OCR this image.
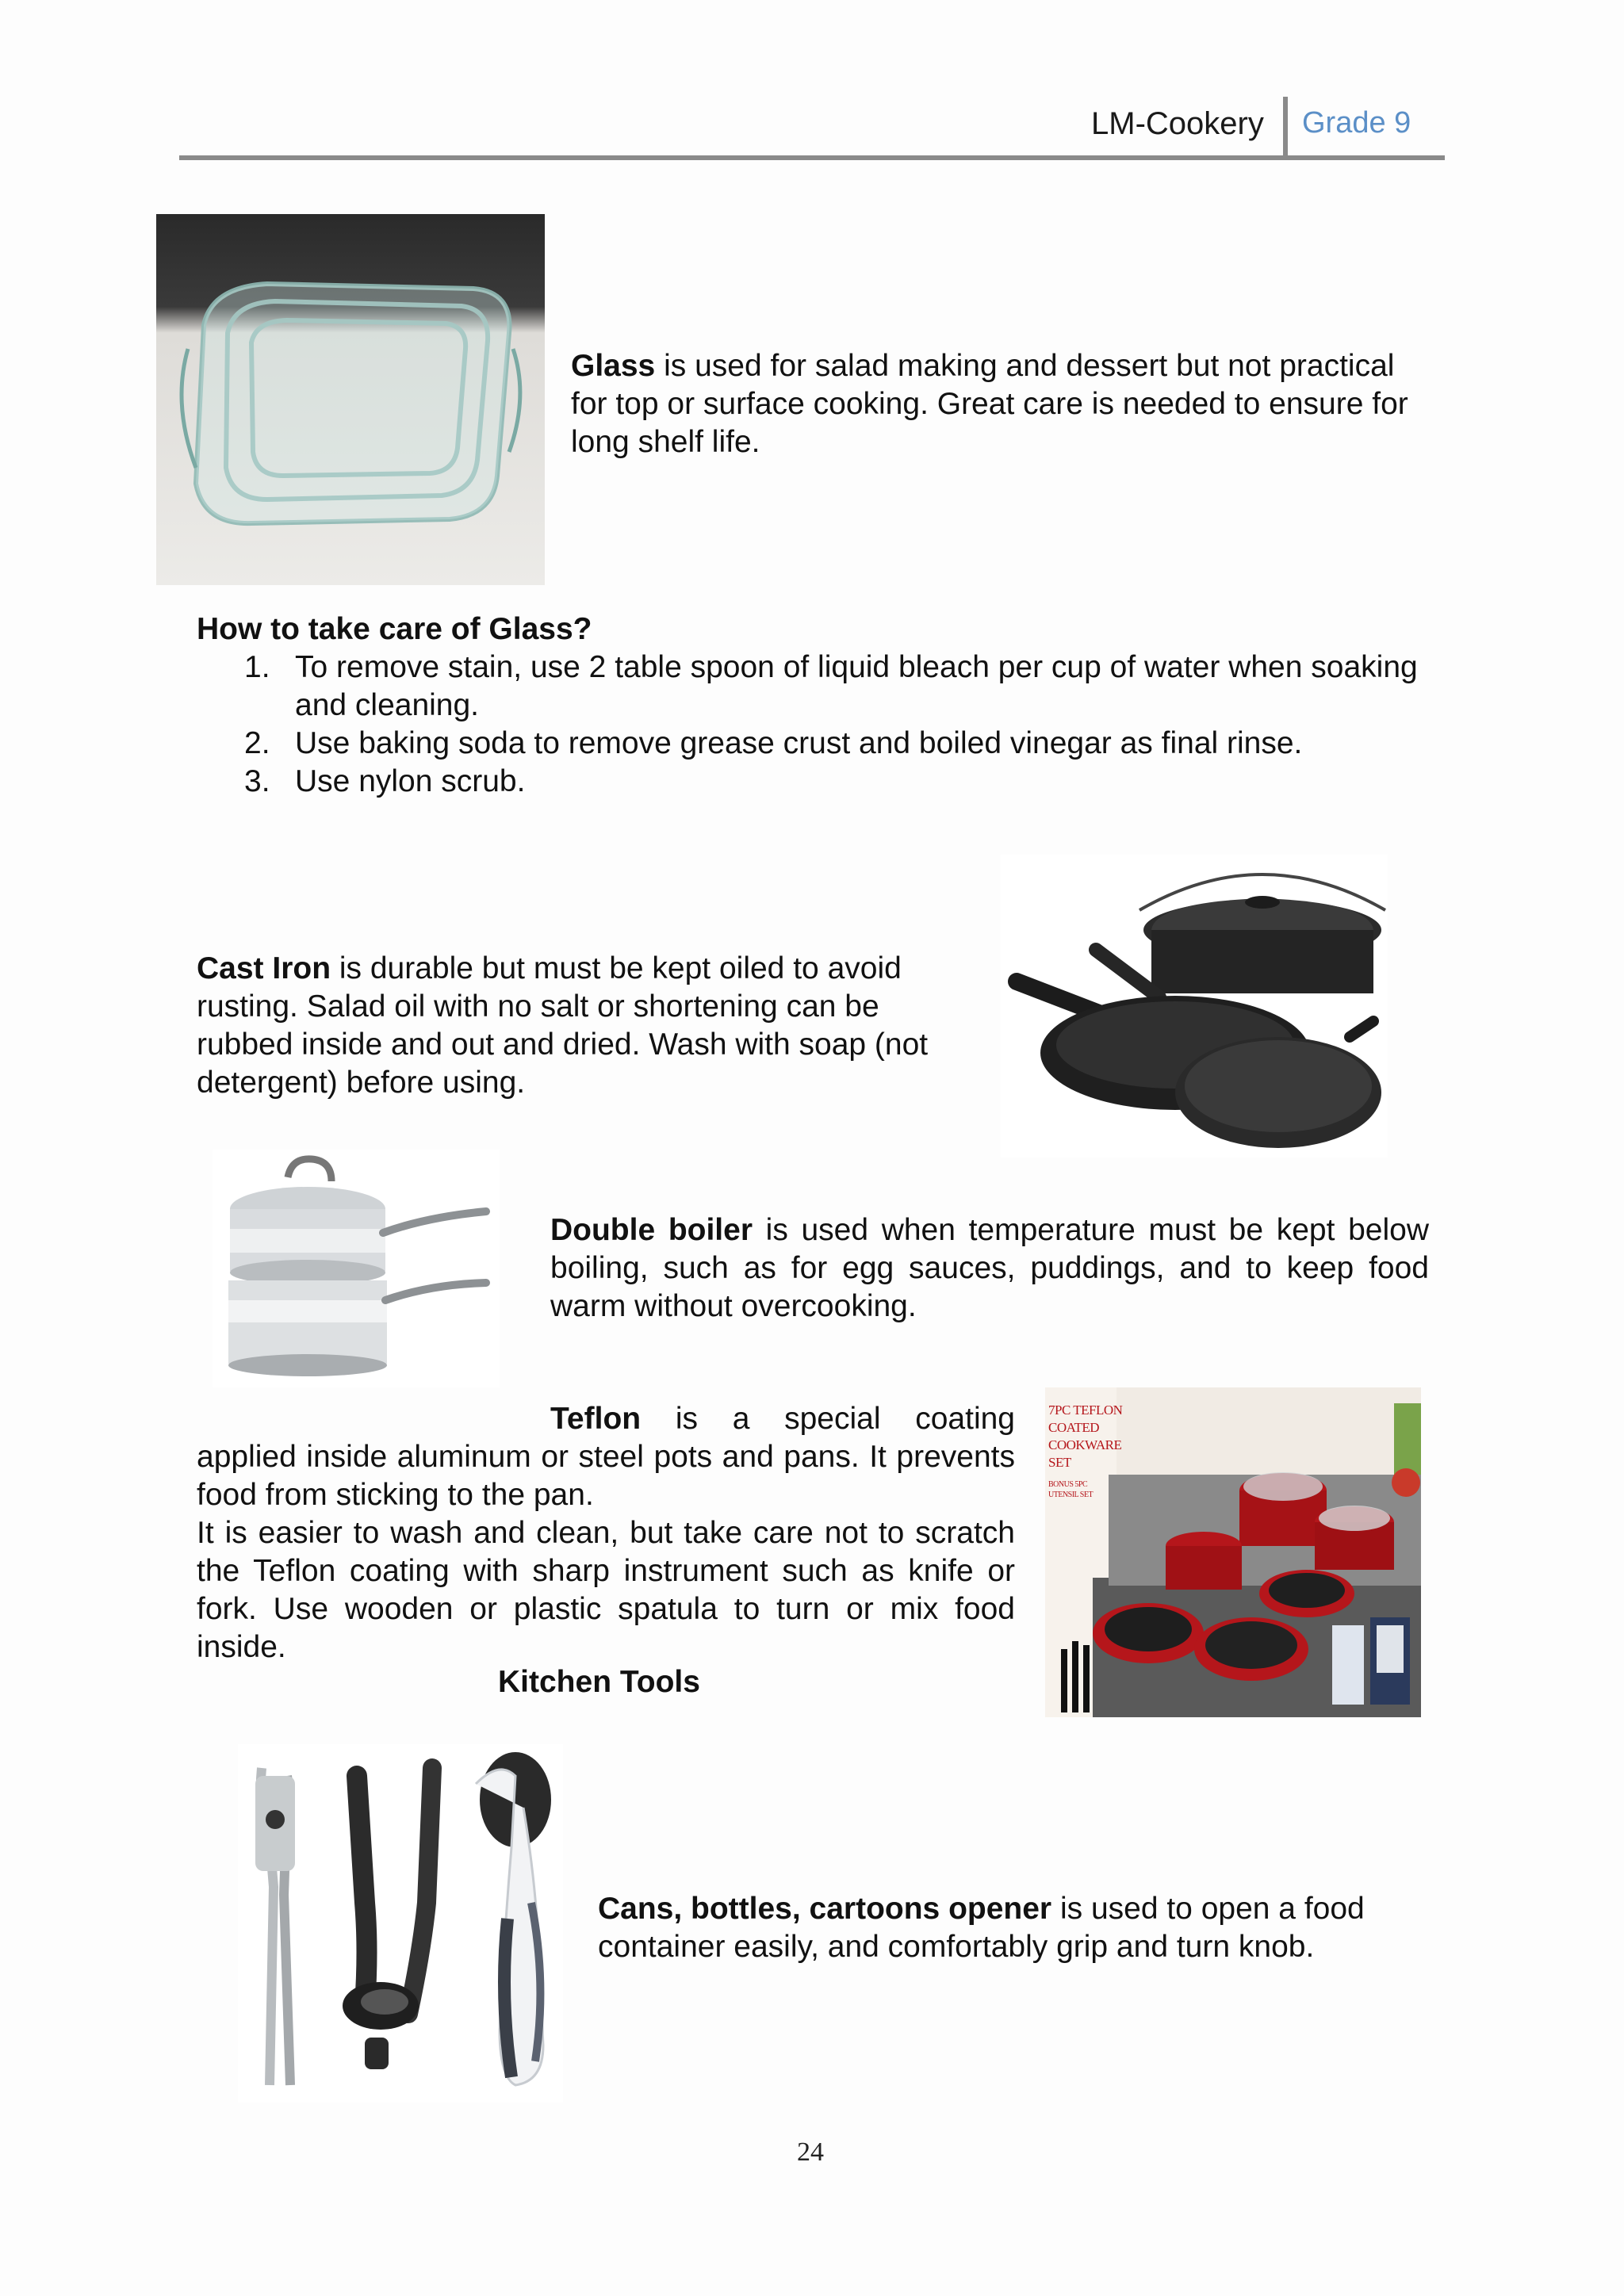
LM-Cookery Grade 9
Glass is used for salad making and dessert but not practical for top or surface cooking. Great care is needed to ensure for long shelf life.
How to take care of Glass?
1. To remove stain, use 2 table spoon of liquid bleach per cup of water when soaking and cleaning.
2. Use baking soda to remove grease crust and boiled vinegar as final rinse.
3. Use nylon scrub.
Cast Iron is durable but must be kept oiled to avoid rusting. Salad oil with no salt or shortening can be rubbed inside and out and dried. Wash with soap (not detergent) before using.
Double boiler is used when temperature must be kept below boiling, such as for egg sauces, puddings, and to keep food warm without overcooking.
Teflon is a special coating applied inside aluminum or steel pots and pans. It prevents food from sticking to the pan.
It is easier to wash and clean, but take care not to scratch the Teflon coating with sharp instrument such as knife or fork. Use wooden or plastic spatula to turn or mix food inside.
7PC TEFLON
COATED
COOKWARE
SET
BONUS 5PC
UTENSIL SET
Kitchen Tools
Cans, bottles, cartoons opener is used to open a food container easily, and comfortably grip and turn knob.
24
